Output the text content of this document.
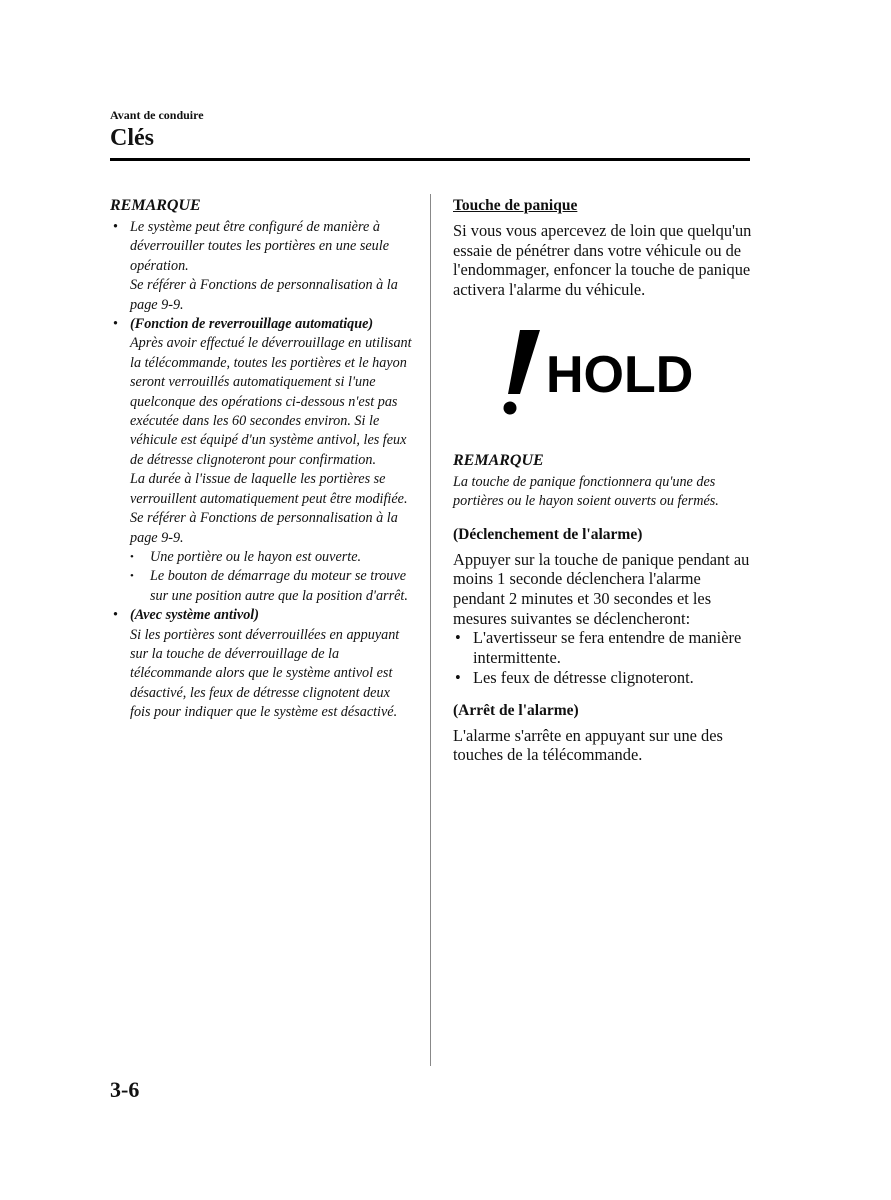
Avant de conduire
Clés
REMARQUE
• Le système peut être configuré de manière à déverrouiller toutes les portières en une seule opération.
Se référer à Fonctions de personnalisation à la page 9-9.
• (Fonction de reverrouillage automatique)
Après avoir effectué le déverrouillage en utilisant la télécommande, toutes les portières et le hayon seront verrouillés automatiquement si l'une quelconque des opérations ci-dessous n'est pas exécutée dans les 60 secondes environ. Si le véhicule est équipé d'un système antivol, les feux de détresse clignoteront pour confirmation.
La durée à l'issue de laquelle les portières se verrouillent automatiquement peut être modifiée.
Se référer à Fonctions de personnalisation à la page 9-9.
• Une portière ou le hayon est ouverte.
• Le bouton de démarrage du moteur se trouve sur une position autre que la position d'arrêt.
• (Avec système antivol)
Si les portières sont déverrouillées en appuyant sur la touche de déverrouillage de la télécommande alors que le système antivol est désactivé, les feux de détresse clignotent deux fois pour indiquer que le système est désactivé.
Touche de panique

Si vous vous apercevez de loin que quelqu'un essaie de pénétrer dans votre véhicule ou de l'endommager, enfoncer la touche de panique activera l'alarme du véhicule.

HOLD
REMARQUE

La touche de panique fonctionnera qu'une des portières ou le hayon soient ouverts ou fermés.

(Déclenchement de l'alarme)

Appuyer sur la touche de panique pendant au moins 1 seconde déclenchera l'alarme pendant 2 minutes et 30 secondes et les mesures suivantes se déclencheront:

• L'avertisseur se fera entendre de manière intermittente.
• Les feux de détresse clignoteront.
(Arrêt de l'alarme)

L'alarme s'arrête en appuyant sur une des touches de la télécommande.

3-6
